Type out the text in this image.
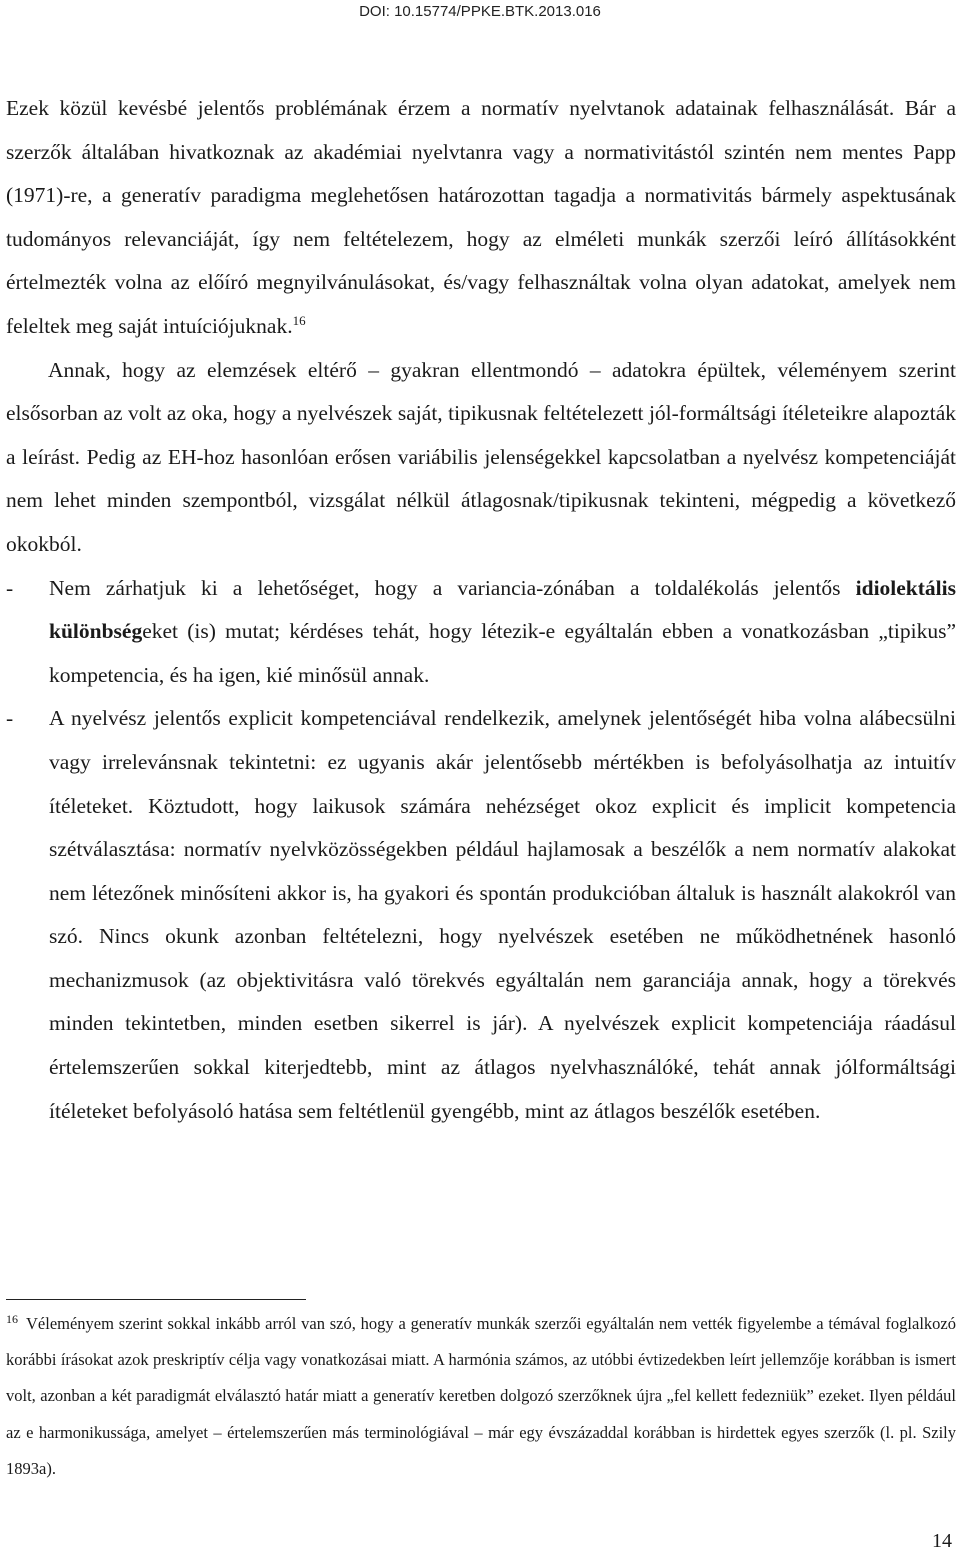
DOI: 10.15774/PPKE.BTK.2013.016

Ezek közül kevésbé jelentős problémának érzem a normatív nyelvtanok adatainak felhasználását. Bár a szerzők általában hivatkoznak az akadémiai nyelvtanra vagy a normativitástól szintén nem mentes Papp (1971)-re, a generatív paradigma meglehetősen határozottan tagadja a normativitás bármely aspektusának tudományos relevanciáját, így nem feltételezem, hogy az elméleti munkák szerzői leíró állításokként értelmezték volna az előíró megnyilvánulásokat, és/vagy felhasználtak volna olyan adatokat, amelyek nem feleltek meg saját intuíciójuknak.$^{16}$

Annak, hogy az elemzések eltérő – gyakran ellentmondó – adatokra épültek, véleményem szerint elsősorban az volt az oka, hogy a nyelvészek saját, tipikusnak feltételezett jól-formáltsági ítéleteikre alapozták a leírást. Pedig az EH-hoz hasonlóan erősen variábilis jelenségekkel kapcsolatban a nyelvész kompetenciáját nem lehet minden szempontból, vizsgálat nélkül átlagosnak/tipikusnak tekinteni, mégpedig a következő okokból.

- Nem zárhatjuk ki a lehetőséget, hogy a variancia-zónában a toldalékolás jelentős idiolektális különbségeket (is) mutat; kérdéses tehát, hogy létezik-e egyáltalán ebben a vonatkozásban „tipikus” kompetencia, és ha igen, kié minősül annak.

- A nyelvész jelentős explicit kompetenciával rendelkezik, amelynek jelentőségét hiba volna alábecsülni vagy irrelevánsnak tekintetni: ez ugyanis akár jelentősebb mértékben is befolyásolhatja az intuitív ítéleteket. Köztudott, hogy laikusok számára nehézséget okoz explicit és implicit kompetencia szétválasztása: normatív nyelvközösségekben például hajlamosak a beszélők a nem normatív alakokat nem létezőnek minősíteni akkor is, ha gyakori és spontán produkcióban általuk is használt alakokról van szó. Nincs okunk azonban feltételezni, hogy nyelvészek esetében ne működhetnének hasonló mechanizmusok (az objektivitásra való törekvés egyáltalán nem garanciája annak, hogy a törekvés minden tekintetben, minden esetben sikerrel is jár). A nyelvészek explicit kompetenciája ráadásul értelemszerűen sokkal kiterjedtebb, mint az átlagos nyelvhasználóké, tehát annak jólformáltsági ítéleteket befolyásoló hatása sem feltétlenül gyengébb, mint az átlagos beszélők esetében.

$^{16}$ Véleményem szerint sokkal inkább arról van szó, hogy a generatív munkák szerzői egyáltalán nem vették figyelembe a témával foglalkozó korábbi írásokat azok preskriptív célja vagy vonatkozásai miatt. A harmónia számos, az utóbbi évtizedekben leírt jellemzője korábban is ismert volt, azonban a két paradigmát elválasztó határ miatt a generatív keretben dolgozó szerzőknek újra „fel kellett fedezniük” ezeket. Ilyen például az e harmonikussága, amelyet – értelemszerűen más terminológiával – már egy évszázaddal korábban is hirdettek egyes szerzők (l. pl. Szily 1893a).

14
